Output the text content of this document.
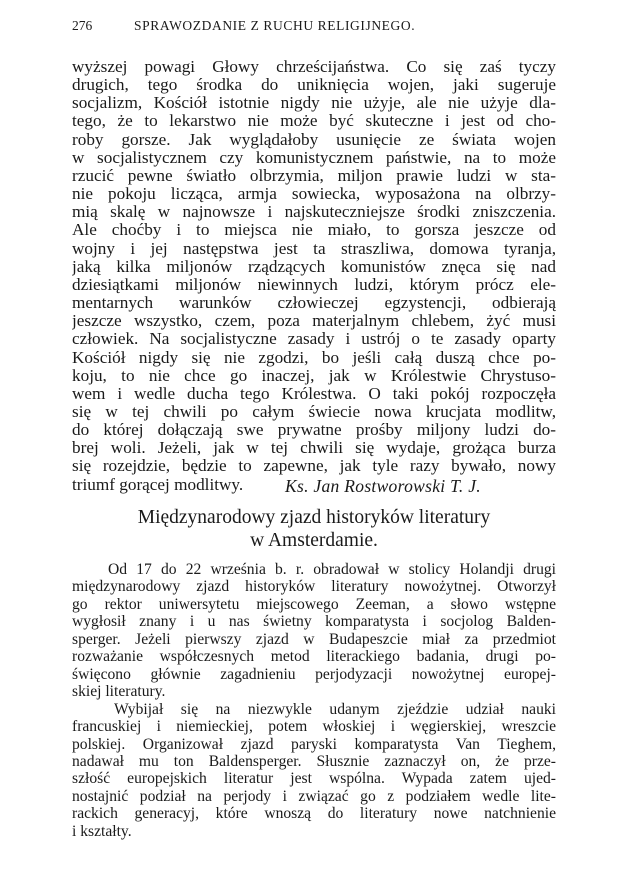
276	SPRAWOZDANIE Z RUCHU RELIGIJNEGO.
wyższej powagi Głowy chrześcijaństwa. Co się zaś tyczy
drugich, tego środka do uniknięcia wojen, jaki sugeruje
socjalizm, Kościół istotnie nigdy nie użyje, ale nie użyje dla-
tego, że to lekarstwo nie może być skuteczne i jest od cho-
roby gorsze. Jak wyglądałoby usunięcie ze świata wojen
w socjalistycznem czy komunistycznem państwie, na to może
rzucić pewne światło olbrzymia, miljon prawie ludzi w sta-
nie pokoju licząca, armja sowiecka, wyposażona na olbrzy-
mią skalę w najnowsze i najskuteczniejsze środki zniszczenia.
Ale choćby i to miejsca nie miało, to gorsza jeszcze od
wojny i jej następstwa jest ta straszliwa, domowa tyranja,
jaką kilka miljonów rządzących komunistów znęca się nad
dziesiątkami miljonów niewinnych ludzi, którym prócz ele-
mentarnych warunków człowieczej egzystencji, odbierają
jeszcze wszystko, czem, poza materjalnym chlebem, żyć musi
człowiek. Na socjalistyczne zasady i ustrój o te zasady oparty
Kościół nigdy się nie zgodzi, bo jeśli całą duszą chce po-
koju, to nie chce go inaczej, jak w Królestwie Chrystuso-
wem i wedle ducha tego Królestwa. O taki pokój rozpoczęła
się w tej chwili po całym świecie nowa krucjata modlitw,
do której dołączają swe prywatne prośby miljony ludzi do-
brej woli. Jeżeli, jak w tej chwili się wydaje, grożąca burza
się rozejdzie, będzie to zapewne, jak tyle razy bywało, nowy
triumf gorącej modlitwy.	Ks. Jan Rostworowski T. J.
Międzynarodowy zjazd historyków literatury
w Amsterdamie.
Od 17 do 22 września b. r. obradował w stolicy Holandji drugi
międzynarodowy zjazd historyków literatury nowożytnej. Otworzył
go rektor uniwersytetu miejscowego Zeeman, a słowo wstępne
wygłosił znany i u nas świetny komparatysta i socjolog Balden-
sperger. Jeżeli pierwszy zjazd w Budapeszcie miał za przedmiot
rozważanie współczesnych metod literackiego badania, drugi po-
święcono głównie zagadnieniu perjodyzacji nowożytnej europej-
skiej literatury.
Wybijał się na niezwykle udanym zjeździe udział nauki
francuskiej i niemieckiej, potem włoskiej i węgierskiej, wreszcie
polskiej. Organizował zjazd paryski komparatysta Van Tieghem,
nadawał mu ton Baldensperger. Słusznie zaznaczył on, że prze-
szłość europejskich literatur jest wspólna. Wypada zatem ujed-
nostajnić podział na perjody i związać go z podziałem wedle lite-
rackich generacyj, które wnoszą do literatury nowe natchnienie
i kształty.
